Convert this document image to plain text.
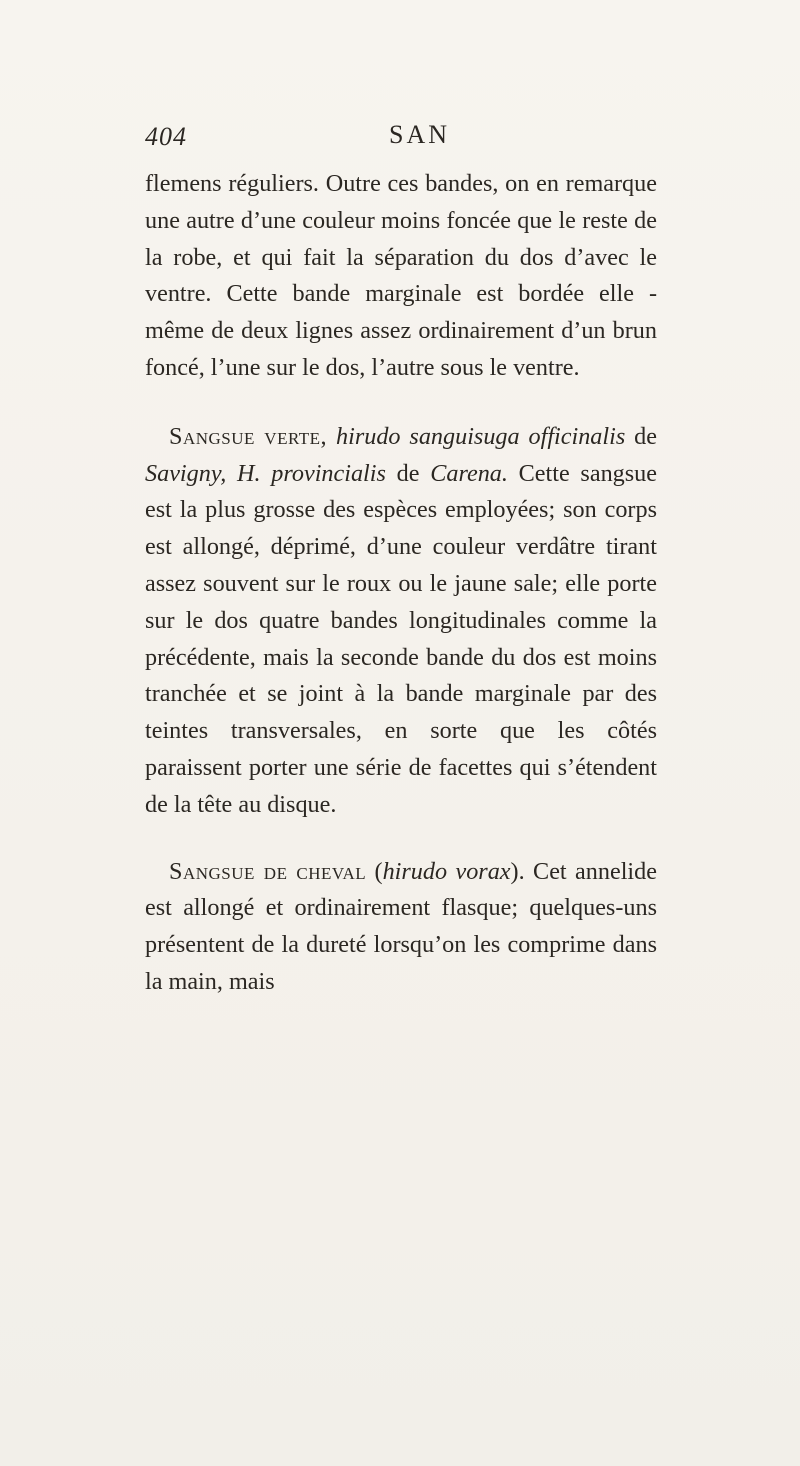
404	SAN

flemens réguliers. Outre ces bandes, on en remarque une autre d’une couleur moins foncée que le reste de la robe, et qui fait la séparation du dos d’avec le ventre. Cette bande marginale est bordée elle - même de deux lignes assez ordinairement d’un brun foncé, l’une sur le dos, l’autre sous le ventre.

Sangsue verte, hirudo sanguisuga officinalis de Savigny, H. provincialis de Carena. Cette sangsue est la plus grosse des espèces employées; son corps est allongé, déprimé, d’une couleur verdâtre tirant assez souvent sur le roux ou le jaune sale; elle porte sur le dos quatre bandes longitudinales comme la précédente, mais la seconde bande du dos est moins tranchée et se joint à la bande marginale par des teintes transversales, en sorte que les côtés paraissent porter une série de facettes qui s’étendent de la tête au disque.

Sangsue de cheval (hirudo vorax). Cet annelide est allongé et ordinairement flasque; quelques-uns présentent de la dureté lorsqu’on les comprime dans la main, mais
